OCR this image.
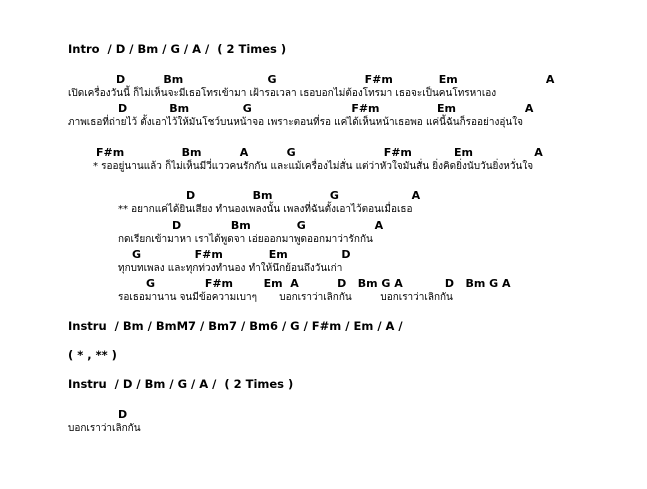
Intro  / D / Bm / G / A /  ( 2 Times )
D          Bm                      G                       F#m            Em                       A
เปิดเครื่องวันนี้ ก็ไม่เห็นจะมีเธอโทรเข้ามา เฝ้ารอเวลา เธอบอกไม่ต้องโทรมา เธอจะเป็นคนโทรหาเอง
D           Bm              G                          F#m               Em                  A
ภาพเธอที่ถ่ายไว้ ตั้งเอาไว้ให้มันโชว์บนหน้าจอ เพราะตอนที่รอ แค่ได้เห็นหน้าเธอพอ แค่นี้ฉันก็รออย่างอุ่นใจ
F#m               Bm          A          G                       F#m           Em                A
* รออยู่นานแล้ว ก็ไม่เห็นมีวี่แววคนรักกัน และแม้เครื่องไม่สั่น แต่ว่าหัวใจมันสั่น ยิ่งคิดยิ่งนับวันยิ่งหวั่นใจ
D               Bm               G                   A
** อยากแค่ได้ยินเสียง ทำนองเพลงนั้น เพลงที่ฉันตั้งเอาไว้ตอนเมื่อเธอ
D             Bm            G                  A
กดเรียกเข้ามาหา เราได้พูดจา เอ่ยออกมาพูดออกมาว่ารักกัน
G              F#m            Em              D
ทุกบทเพลง และทุกท่วงทำนอง ทำให้นึกย้อนถึงวันเก่า
G             F#m        Em  A          D   Bm G A           D   Bm G A
รอเธอมานาน จนมีข้อความเบาๆ       บอกเราว่าเลิกกัน         บอกเราว่าเลิกกัน
Instru  / Bm / BmM7 / Bm7 / Bm6 / G / F#m / Em / A /
( * , ** )
Instru  / D / Bm / G / A /  ( 2 Times )
D
บอกเราว่าเลิกกัน
